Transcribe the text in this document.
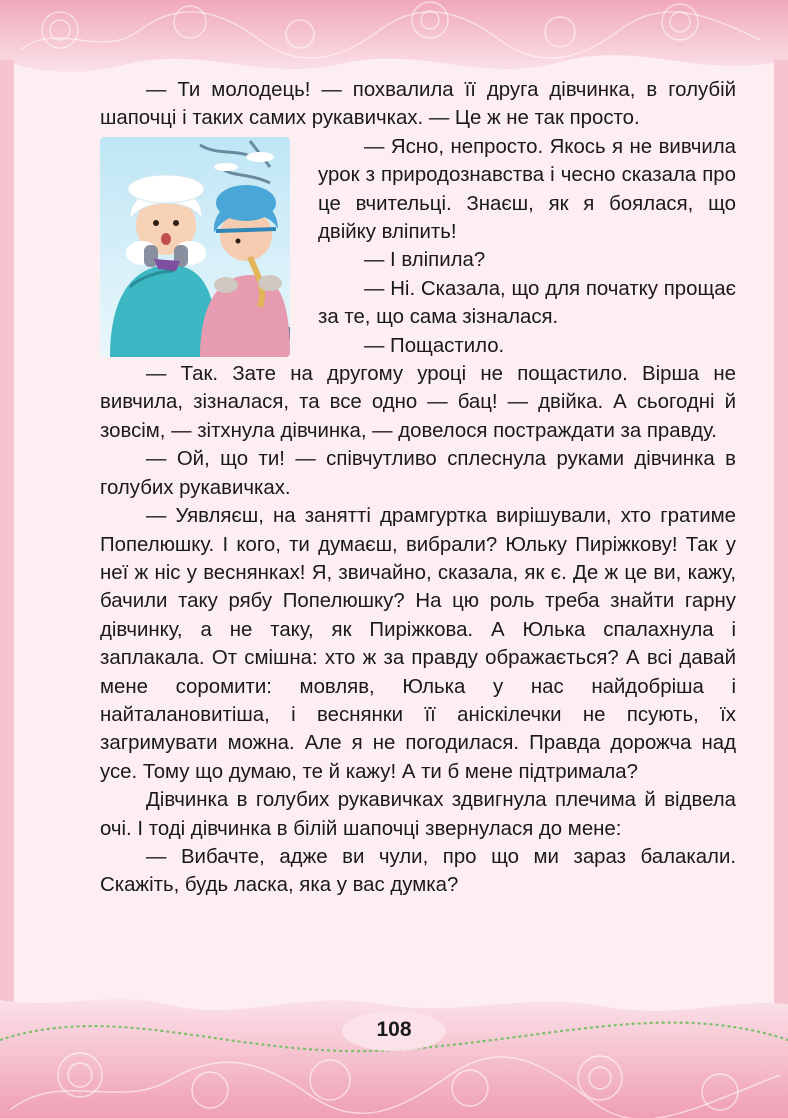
— Ти молодець! — похвалила її друга дівчинка, в голубій шапочці і таких самих рукавичках. — Це ж не так просто.

— Ясно, непросто. Якось я не вивчила урок з природознавства і чесно сказала про це вчительці. Знаєш, як я боялася, що двійку вліпить!

— І вліпила?

— Ні. Сказала, що для початку прощає за те, що сама зізналася.

— Пощастило.

— Так. Зате на другому уроці не пощастило. Вірша не вивчила, зізналася, та все одно — бац! — двійка. А сьогодні й зовсім, — зітхнула дівчинка, — довелося постраждати за правду.

— Ой, що ти! — співчутливо сплеснула руками дівчинка в голубих рукавичках.

— Уявляєш, на занятті драмгуртка вирішували, хто гратиме Попелюшку. І кого, ти думаєш, вибрали? Юльку Пиріжкову! Так у неї ж ніс у веснянках! Я, звичайно, сказала, як є. Де ж це ви, кажу, бачили таку рябу Попелюшку? На цю роль треба знайти гарну дівчинку, а не таку, як Пиріжкова. А Юлька спалахнула і заплакала. От смішна: хто ж за правду ображається? А всі давай мене соромити: мовляв, Юлька у нас найдобріша і найталановитіша, і веснянки її аніскілечки не псують, їх загримувати можна. Але я не погодилася. Правда дорожча над усе. Тому що думаю, те й кажу! А ти б мене підтримала?

Дівчинка в голубих рукавичках здвигнула плечима й відвела очі. І тоді дівчинка в білій шапочці звернулася до мене:

— Вибачте, адже ви чули, про що ми зараз балакали. Скажіть, будь ласка, яка у вас думка?

108
